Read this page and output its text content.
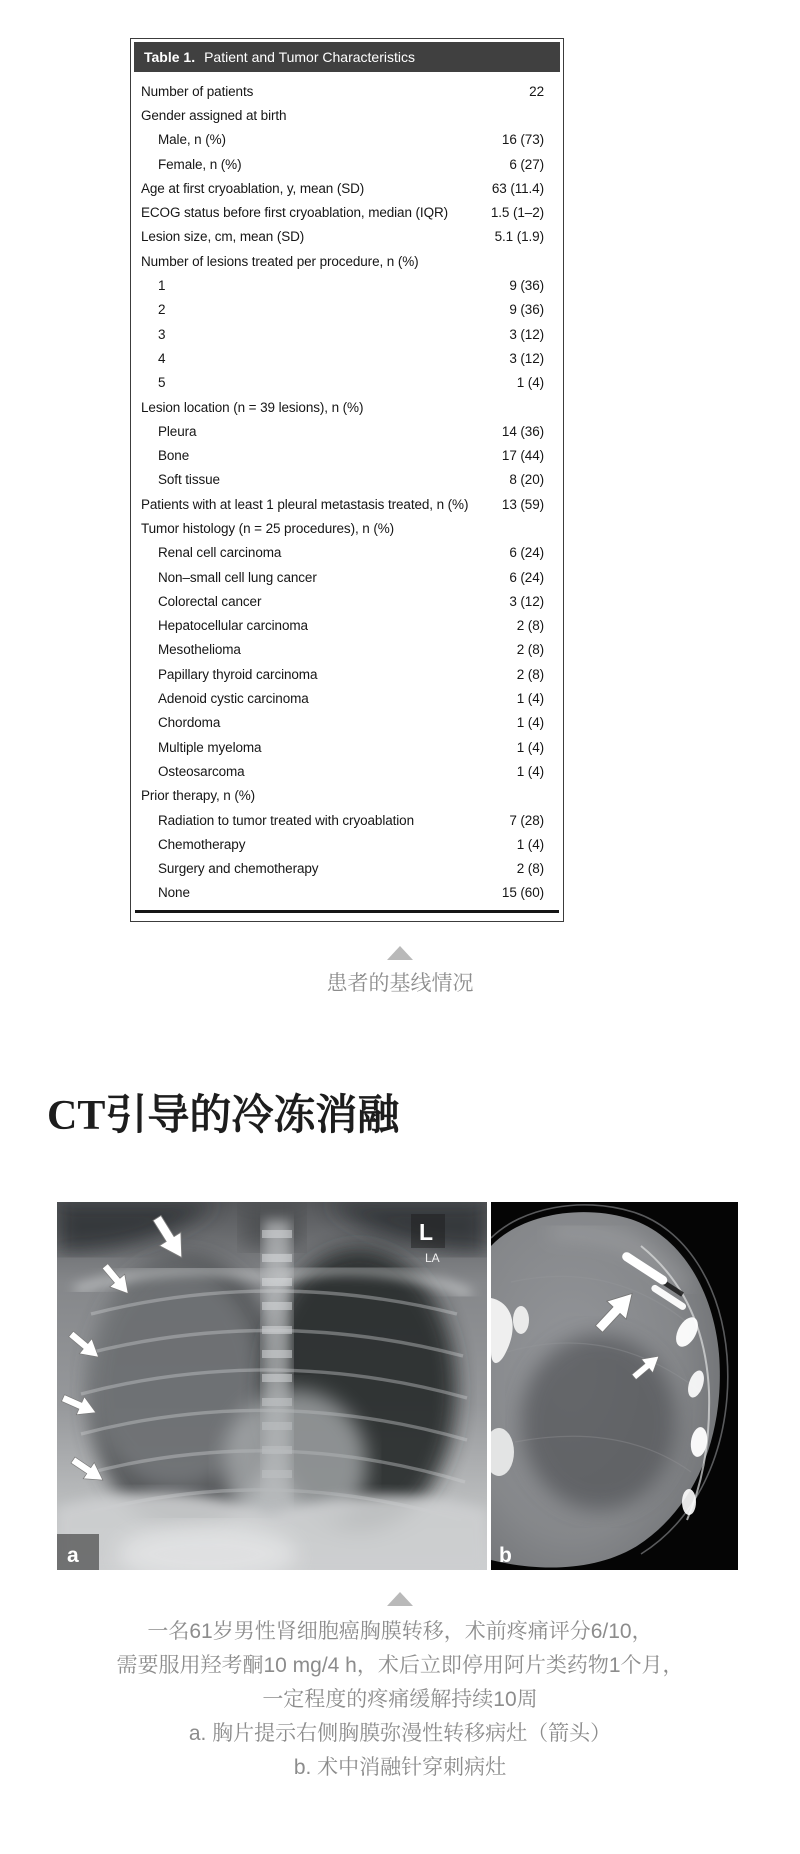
Table 1. Patient and Tumor Characteristics
Number of patients	22
Gender assigned at birth
Male, n (%)	16 (73)
Female, n (%)	6 (27)
Age at first cryoablation, y, mean (SD)	63 (11.4)
ECOG status before first cryoablation, median (IQR)	1.5 (1–2)
Lesion size, cm, mean (SD)	5.1 (1.9)
Number of lesions treated per procedure, n (%)
1	9 (36)
2	9 (36)
3	3 (12)
4	3 (12)
5	1 (4)
Lesion location (n = 39 lesions), n (%)
Pleura	14 (36)
Bone	17 (44)
Soft tissue	8 (20)
Patients with at least 1 pleural metastasis treated, n (%) 13 (59)
Tumor histology (n = 25 procedures), n (%)
Renal cell carcinoma	6 (24)
Non–small cell lung cancer	6 (24)
Colorectal cancer	3 (12)
Hepatocellular carcinoma	2 (8)
Mesothelioma	2 (8)
Papillary thyroid carcinoma	2 (8)
Adenoid cystic carcinoma	1 (4)
Chordoma	1 (4)
Multiple myeloma	1 (4)
Osteosarcoma	1 (4)
Prior therapy, n (%)
Radiation to tumor treated with cryoablation	7 (28)
Chemotherapy	1 (4)
Surgery and chemotherapy	2 (8)
None	15 (60)
患者的基线情况
CT引导的冷冻消融
L
LA
a	b
一名61岁男性肾细胞癌胸膜转移，术前疼痛评分6/10，
需要服用羟考酮10 mg/4 h，术后立即停用阿片类药物1个月，
一定程度的疼痛缓解持续10周
a. 胸片提示右侧胸膜弥漫性转移病灶（箭头）
b. 术中消融针穿刺病灶
